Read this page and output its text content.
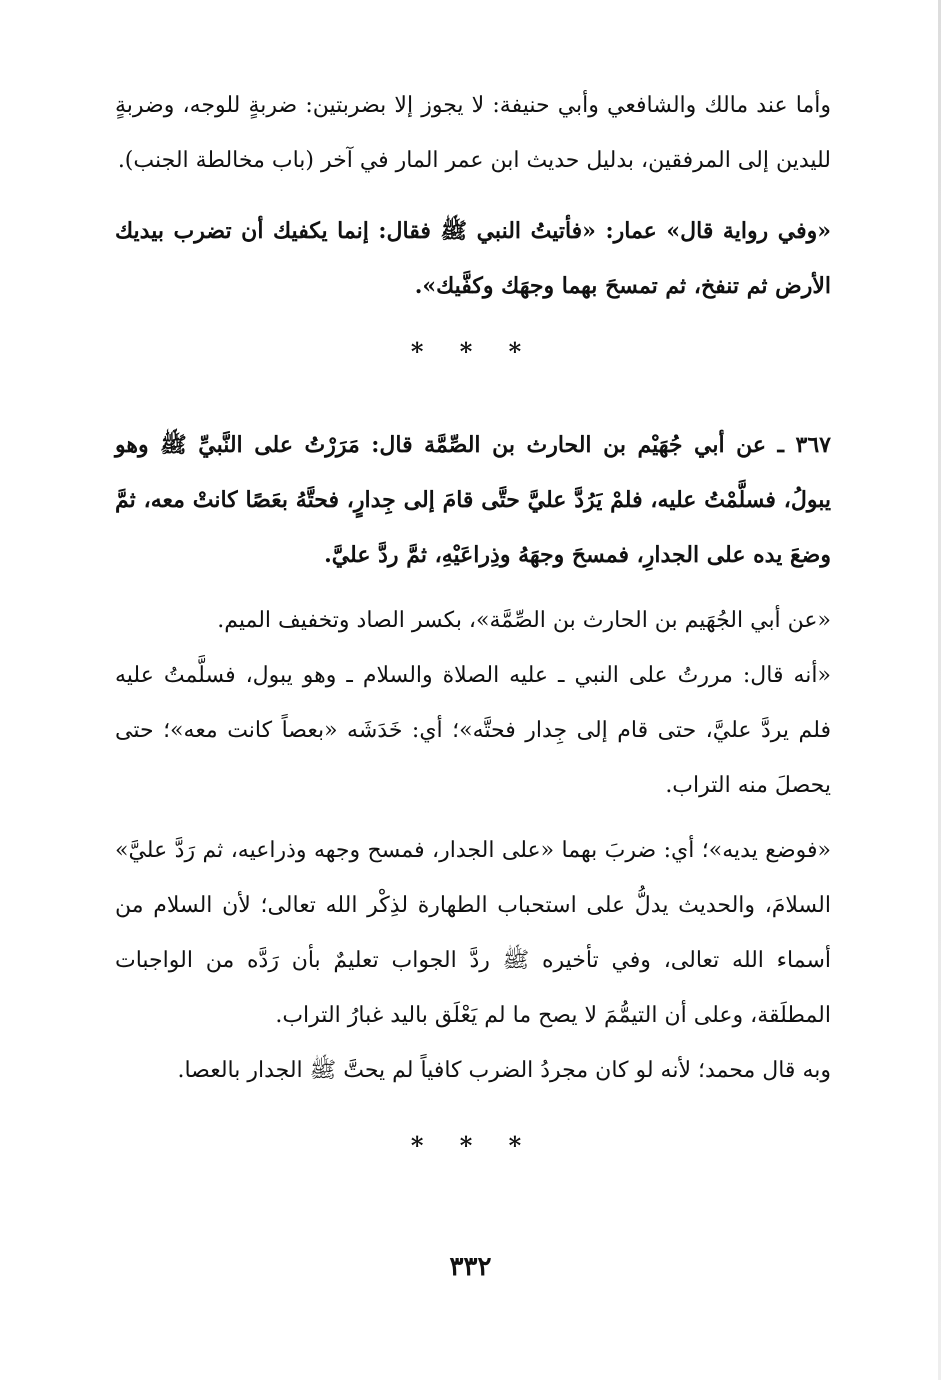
وأما عند مالك والشافعي وأبي حنيفة: لا يجوز إلا بضربتين: ضربةٍ للوجه، وضربةٍ لليدين إلى المرفقين، بدليل حديث ابن عمر المار في آخر (باب مخالطة الجنب).

«وفي رواية قال» عمار: «فأتيتُ النبي ﷺ فقال: إنما يكفيك أن تضرب بيديك الأرض ثم تنفخ، ثم تمسحَ بهما وجهَك وكفَّيك».

* * *

٣٦٧ ـ عن أبي جُهَيْم بن الحارث بن الصِّمَّة قال: مَرَرْتُ على النَّبيِّ ﷺ وهو يبولُ، فسلَّمْتُ عليه، فلمْ يَرُدَّ عليَّ حتَّى قامَ إلى جِدارٍ، فحتَّهُ بعَصًا كانتْ معه، ثمَّ وضعَ يده على الجدارِ، فمسحَ وجهَهُ وذِراعَيْهِ، ثمَّ ردَّ عليَّ.

«عن أبي الجُهَيم بن الحارث بن الصِّمَّة»، بكسر الصاد وتخفيف الميم.

«أنه قال: مررتُ على النبي ـ عليه الصلاة والسلام ـ وهو يبول، فسلَّمتُ عليه فلم يردَّ عليَّ، حتى قام إلى جِدار فحتَّه»؛ أي: خَدَشَه «بعصاً كانت معه»؛ حتى يحصلَ منه التراب.

«فوضع يديه»؛ أي: ضربَ بهما «على الجدار، فمسح وجهه وذراعيه، ثم رَدَّ عليَّ» السلامَ، والحديث يدلُّ على استحباب الطهارة لذِكْر الله تعالى؛ لأن السلام من أسماء الله تعالى، وفي تأخيره ﷺ ردَّ الجواب تعليمٌ بأن رَدَّه من الواجبات المطلَقة، وعلى أن التيمُّمَ لا يصح ما لم يَعْلَق باليد غبارُ التراب.

وبه قال محمد؛ لأنه لو كان مجردُ الضرب كافياً لم يحتَّ ﷺ الجدار بالعصا.

* * *
٣٣٢
